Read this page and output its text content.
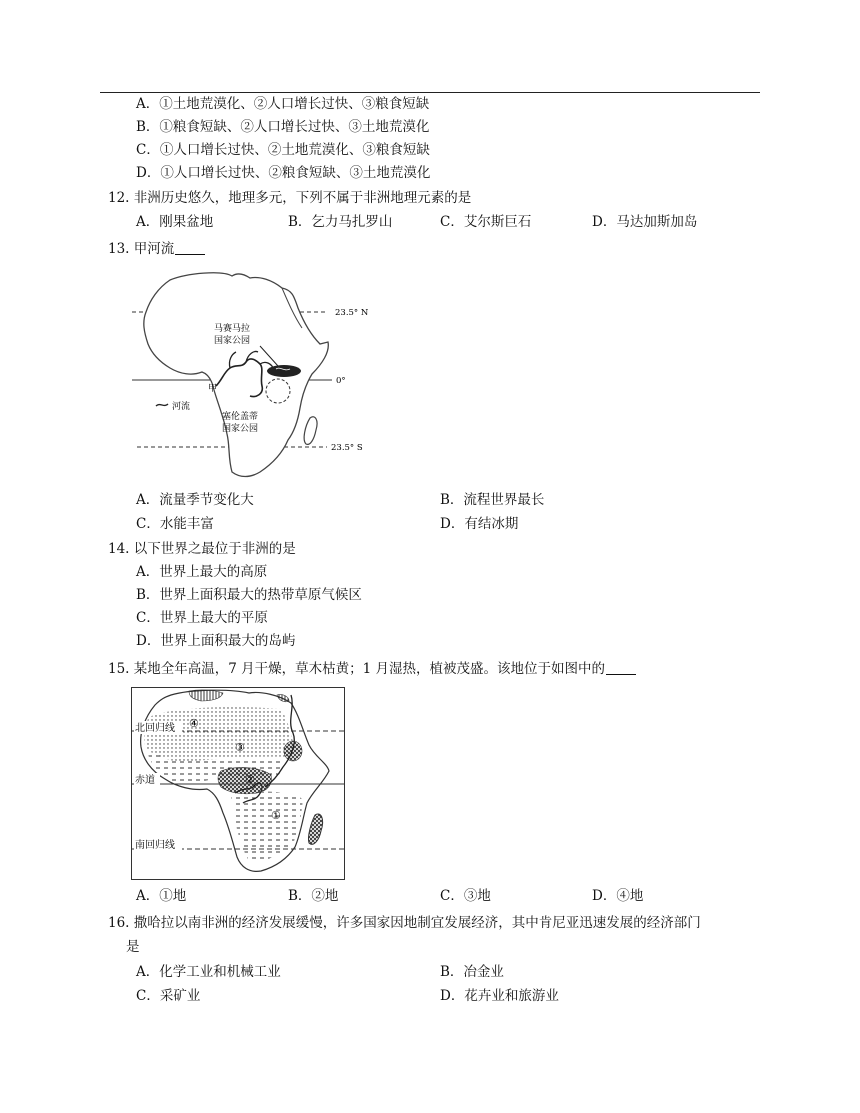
A．①土地荒漠化、②人口增长过快、③粮食短缺
B．①粮食短缺、②人口增长过快、③土地荒漠化
C．①人口增长过快、②土地荒漠化、③粮食短缺
D．①人口增长过快、②粮食短缺、③土地荒漠化
12. 非洲历史悠久，地理多元，下列不属于非洲地理元素的是
A．刚果盆地	B．乞力马扎罗山	C．艾尔斯巨石	D．马达加斯加岛
13. 甲河流
23.5° N
0°
23.5° S
甲
马赛马拉
国家公园
塞伦盖蒂
国家公园
河流
A．流量季节变化大	B．流程世界最长
C．水能丰富	D．有结冰期
14. 以下世界之最位于非洲的是
A．世界上最大的高原
B．世界上面积最大的热带草原气候区
C．世界上最大的平原
D．世界上面积最大的岛屿
15. 某地全年高温，7 月干燥，草木枯黄；1 月湿热，植被茂盛。该地位于如图中的
北回归线
赤道
南回归线
④
③
②
①
A．①地	B．②地	C．③地	D．④地
16. 撒哈拉以南非洲的经济发展缓慢，许多国家因地制宜发展经济，其中肯尼亚迅速发展的经济部门
是
A．化学工业和机械工业	B．冶金业
C．采矿业	D．花卉业和旅游业
